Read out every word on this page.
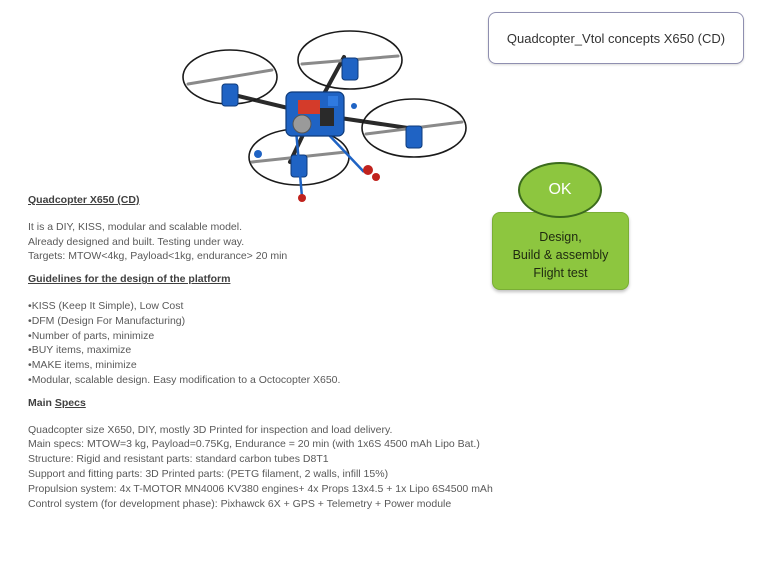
Quadcopter_Vtol concepts X650 (CD)
OK
Design,
Build & assembly
Flight test

Quadcopter X650 (CD)

It is a DIY, KISS, modular and scalable model.

Already designed and built. Testing under way.

Targets: MTOW<4kg, Payload<1kg, endurance> 20 min

Guidelines for the design of the platform

• KISS (Keep It Simple), Low Cost

• DFM (Design For Manufacturing)

• Number of parts, minimize

• BUY items, maximize

• MAKE items, minimize

• Modular, scalable design. Easy modification to a Octocopter X650.

Main Specs

Quadcopter size X650, DIY, mostly 3D Printed for inspection and load delivery.

Main specs: MTOW=3 kg, Payload=0.75Kg, Endurance = 20 min (with 1x6S 4500 mAh Lipo Bat.)

Structure: Rigid and resistant parts: standard carbon tubes D8T1

Support and fitting parts: 3D Printed parts: (PETG filament, 2 walls, infill 15%)

Propulsion system: 4x T-MOTOR MN4006 KV380 engines+ 4x Props 13x4.5 + 1x Lipo 6S4500 mAh

Control system (for development phase): Pixhawck 6X + GPS + Telemetry + Power module
